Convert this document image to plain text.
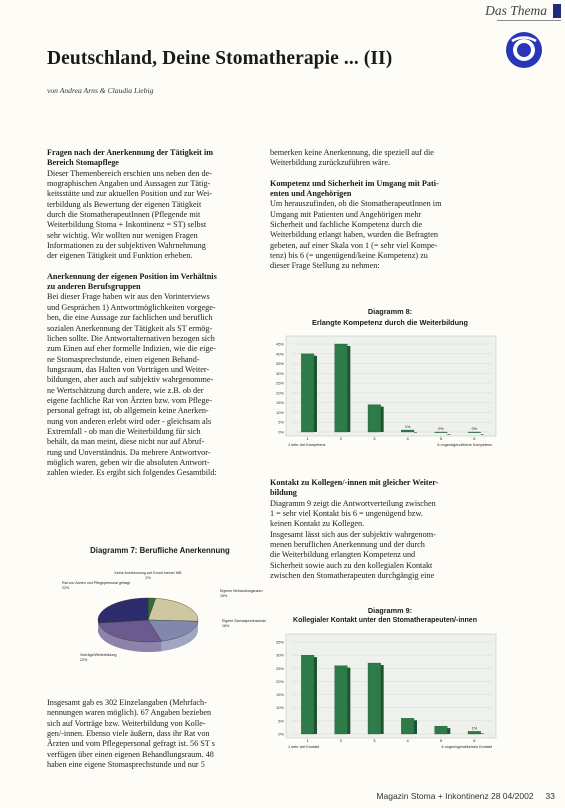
Das Thema
Deutschland, Deine Stomatherapie ... (II)
von Andrea Arns & Claudia Liebig

Fragen nach der Anerkennung der Tätigkeit im

Bereich Stomapflege

Dieser Themenbereich erschien uns neben den de-

mographischen Angaben und Aussagen zur Tätig-

keitsstätte und zur aktuellen Position und zur Wei-

terbildung als Bewertung der eigenen Tätigkeit

durch die StomatherapeutInnen (Pflegende mit

Weiterbildung Stoma + Inkontinenz = ST) selbst

sehr wichtig. Wir wollten nur wenigen Fragen

Informationen zu der subjektiven Wahrnehmung

der eigenen Tätigkeit und Funktion erheben.

Anerkennung der eigenen Position im Verhältnis

zu anderen Berufsgruppen

Bei dieser Frage haben wir aus den Vorinterviews

und Gesprächen 1) Antwortmöglichkeiten vorgege-

ben, die eine Aussage zur fachlichen und beruflich

sozialen Anerkennung der Tätigkeit als ST ermög-

lichen sollte. Die Antwortalternativen bezogen sich

zum Einen auf eher formelle Indizien, wie die eige-

ne Stomasprechstunde, einen eigenen Behand-

lungsraum, das Halten von Vorträgen und Weiter-

bildungen, aber auch auf subjektiv wahrgenomme-

ne Wertschätzung durch andere, wie z.B. ob der

eigene fachliche Rat von Ärzten bzw. vom Pflege-

personal gefragt ist, ob allgemein keine Anerken-

nung von anderen erlebt wird oder - gleichsam als

Extremfall - ob man die Weiterbildung für sich

behält, da man meint, diese nicht nur auf Abruf-

rung und Unverständnis. Da mehrere Antwortvor-

möglich waren, geben wir die absoluten Antwort-

zahlen wieder. Es ergibt sich folgendes Gesamtbild:

Insgesamt gab es 302 Einzelangaben (Mehrfach-

nennungen waren möglich). 67 Angaben bezieben

sich auf Vorträge bzw. Weiterbildung von Kolle-

gen/-innen. Ebenso viele äußern, dass ihr Rat von

Ärzten und vom Pflegepersonal gefragt ist. 56 ST s

verfügen über einen eigenen Behandlungsraum. 48

haben eine eigene Stomasprechstunde und nur 5

bemerken keine Anerkennung, die speziell auf die

Weiterbildung zurückzuführen wäre.

Kompetenz und Sicherheit im Umgang mit Pati-

enten und Angehörigen

Um herauszufinden, ob die StomatherapeutInnen im

Umgang mit Patienten und Angehörigen mehr

Sicherheit und fachliche Kompetenz durch die

Weiterbildung erlangt haben, wurden die Befragten

gebeten, auf einer Skala von 1 (= sehr viel Kompe-

tenz) bis 6 (= ungenügend/keine Kompetenz) zu

dieser Frage Stellung zu nehmen:

Kontakt zu Kollegen/-innen mit gleicher Weiter-

bildung

Diagramm 9 zeigt die Antwortverteilung zwischen

1 = sehr viel Kontakt bis 6 = ungenügend bzw.

keinen Kontakt zu Kollegen.

Insgesamt lässt sich aus der subjektiv wahrgenom-

menen beruflichen Anerkennung und der durch

die Weiterbildung erlangten Kompetenz und

Sicherheit sowie auch zu den kollegialen Kontakt

zwischen den Stomatherapeuten durchgängig eine

Diagramm 7: Berufliche Anerkennung
Keine Anerkennung auf Grund meiner WB
2%
Eigener Behandlungsraum
19%
Eigene Stomasprechstunde
16%
Rat von Ärzten und Pflegepersonal gefragt
22%
Vorträge/Weiterbildung
22%
Diagramm 8:
Erlangte Kompetenz durch die Weiterbildung
45%
40%
35%
30%
25%
20%
15%
10%
5%
0%
1	2	3
1%
4
0%
5
0%
6
1 sehr viel Kompetenz	6 ungenügend/keine Kompetenz
Diagramm 9:
Kollegialer Kontakt unter den Stomatherapeuten/-innen
35%
30%
25%
20%
15%
10%
5%
0%
1	2	3	4	5
1%
6
1 sehr viel Kontakt	6 ungenügend/keinen Kontakt
Magazin Stoma + Inkontinenz 28 04/2002 33
